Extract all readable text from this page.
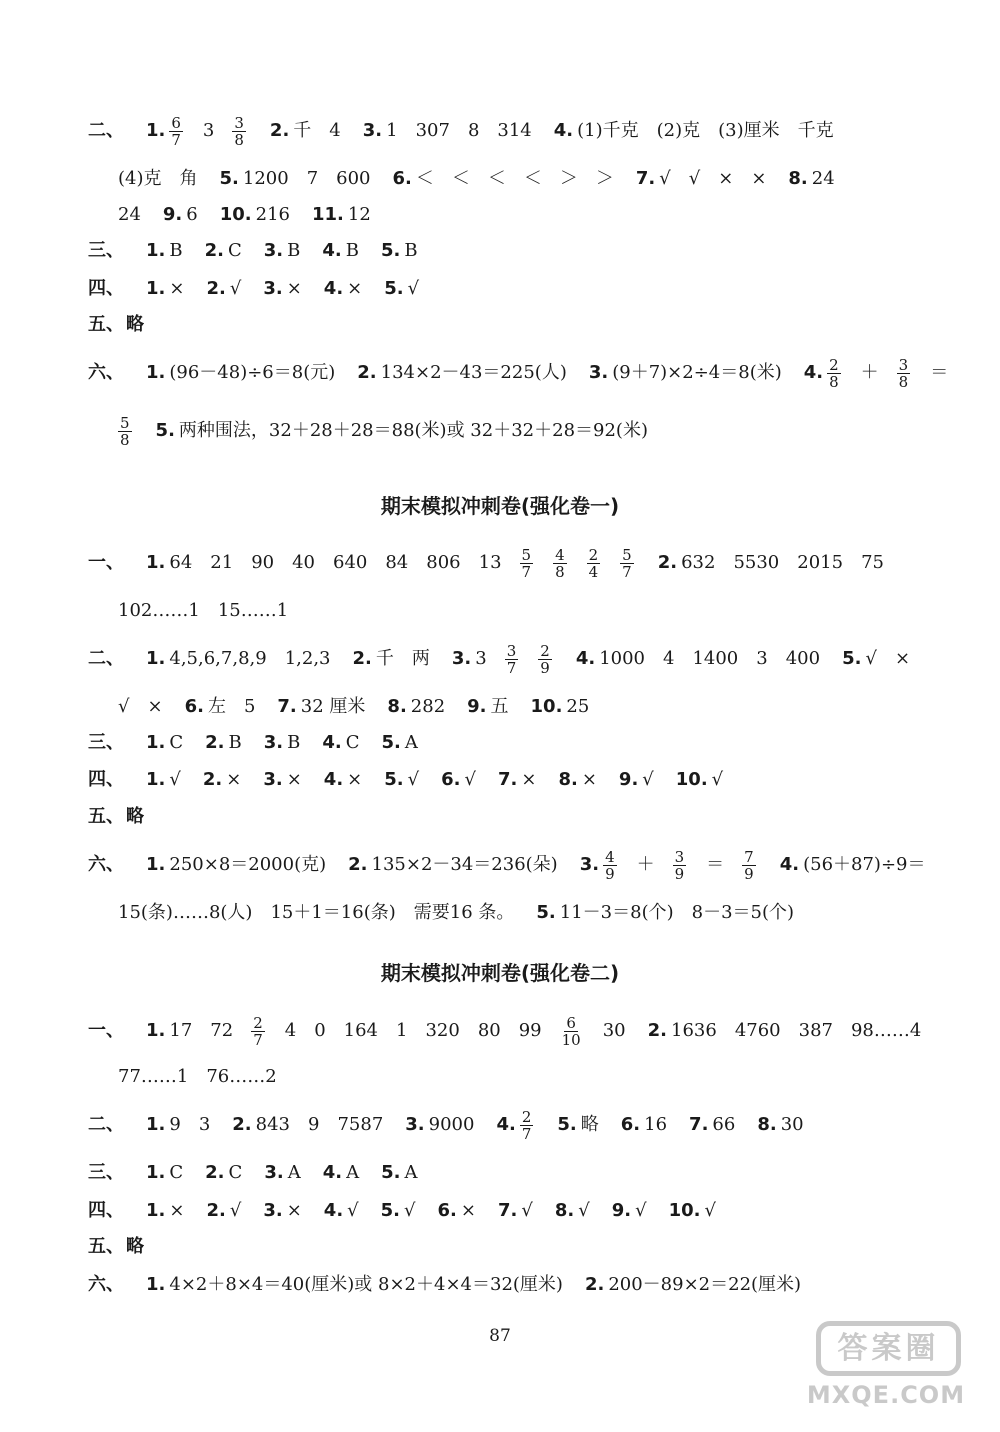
二、 1. $\frac{6}{7} 3 \frac{3}{8} 2$. 千 4 3. 1 307 8 314 4. (1)千克 (2)克 (3)厘米 千克
(4)克 角 5. 1200 7 600 6. ＜ ＜ ＜ ＜ ＞ ＞ 7. √ √ × × 8. 24
24 9. 6 10. 216 11. 12
三、 1. B 2. C 3. B 4. B 5. B
四、 1. × 2. √ 3. × 4. × 5. √
五、 略
六、 1. (96－48)÷6＝8(元) 2. 134×2－43＝225(人) 3. (9＋7)×2÷4＝8(米) 4. $\frac{2}{8} + \frac{3}{8}$ ＝
$\frac{5}{8} 5$. 两种围法，32＋28＋28＝88(米)或 32＋32＋28＝92(米)
期末模拟冲刺卷(强化卷一)
一、 1. 64 21 90 40 640 84 806 $13 \frac{5}{7} \frac{4}{8} \frac{2}{4} \frac{5}{7} 2$. 632 5530 2015 75
102……1 15……1
二、 1. 4,5,6,7,8,9 1,2,3 2. 千 两 3. $3 \frac{3}{7} \frac{2}{9} 4$. 1000 4 1400 3 400 5. √ ×
√ × 6. 左 5 7. 32 厘米 8. 282 9. 五 10. 25
三、 1. C 2. B 3. B 4. C 5. A
四、 1. √ 2. × 3. × 4. × 5. √ 6. √ 7. × 8. × 9. √ 10. √
五、 略
六、 1. 250×8＝2000(克) 2. 135×2－34＝236(朵) 3. $\frac{4}{9} + \frac{3}{9} = \frac{7}{9} 4$. (56＋87)÷9＝
15(条)……8(人) 15＋1＝16(条) 需要16 条。 5. 11－3＝8(个) 8－3＝5(个)
期末模拟冲刺卷(强化卷二)
一、 1. 17 $72 \frac{2}{7} 4$ 0 164 1 320 80 $99 \frac{6}{10} 30$ 2. 1636 4760 387 98……4
77……1 76……2
二、 1. 9 3 2. 843 9 7587 3. 9000 4. $\frac{2}{7} 5$. 略 6. 16 7. 66 8. 30
三、 1. C 2. C 3. A 4. A 5. A
四、 1. × 2. √ 3. × 4. √ 5. √ 6. × 7. √ 8. √ 9. √ 10. √
五、 略
六、 1. 4×2＋8×4＝40(厘米)或 8×2＋4×4＝32(厘米) 2. 200－89×2＝22(厘米)
87	答案圈
MXQE.COM
